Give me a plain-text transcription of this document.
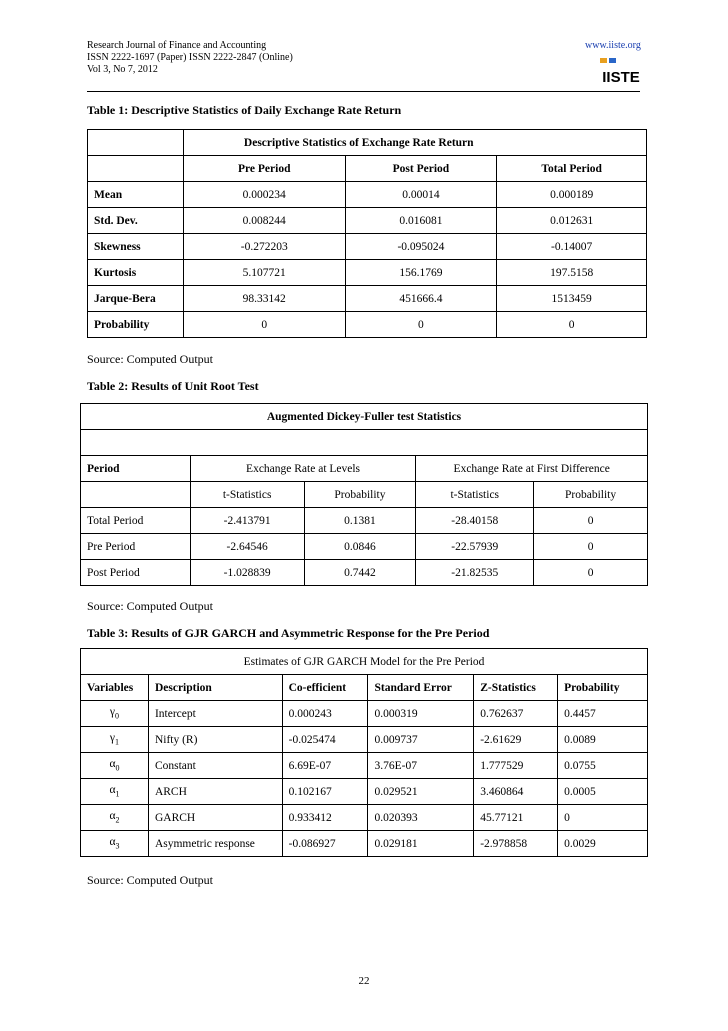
Research Journal of Finance and Accounting
ISSN 2222-1697 (Paper) ISSN 2222-2847 (Online)
Vol 3, No 7, 2012
www.iiste.org
IISTE
Table 1: Descriptive Statistics of Daily Exchange Rate Return
	Descriptive Statistics of Exchange Rate Return		
	Pre Period	Post Period	Total Period
Mean	0.000234	0.00014	0.000189
Std. Dev.	0.008244	0.016081	0.012631
Skewness	-0.272203	-0.095024	-0.14007
Kurtosis	5.107721	156.1769	197.5158
Jarque-Bera	98.33142	451666.4	1513459
Probability	0	0	0
Source: Computed Output
Table 2: Results of Unit Root Test
Augmented Dickey-Fuller test Statistics				

Period	Exchange Rate at Levels		Exchange Rate at First Difference	
	t-Statistics	Probability	t-Statistics	Probability
Total Period	-2.413791	0.1381	-28.40158	0
Pre Period	-2.64546	0.0846	-22.57939	0
Post Period	-1.028839	0.7442	-21.82535	0
Source: Computed Output
Table 3: Results of GJR GARCH and Asymmetric Response for the Pre Period
Estimates of GJR GARCH Model for the Pre Period					
Variables	Description	Co-efficient	Standard Error	Z-Statistics	Probability
$\gamma_0$	Intercept	0.000243	0.000319	0.762637	0.4457
$\gamma_1$	Nifty (R)	-0.025474	0.009737	-2.61629	0.0089
$\alpha_0$	Constant	6.69E-07	3.76E-07	1.777529	0.0755
$\alpha_1$	ARCH	0.102167	0.029521	3.460864	0.0005
$\alpha_2$	GARCH	0.933412	0.020393	45.77121	0
$\alpha_3$	Asymmetric response	-0.086927	0.029181	-2.978858	0.0029
Source: Computed Output
22
